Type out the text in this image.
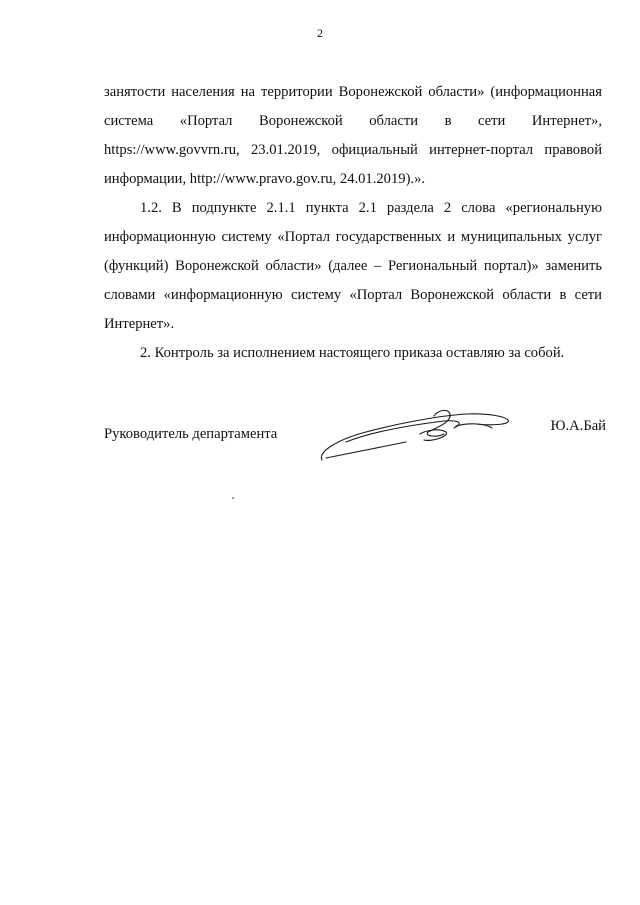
2

занятости населения на территории Воронежской области» (информационная

система «Портал Воронежской области в сети Интернет»,

https://www.govvrn.ru, 23.01.2019, официальный интернет-портал правовой информации, http://www.pravo.gov.ru, 24.01.2019).».

1.2. В подпункте 2.1.1 пункта 2.1 раздела 2 слова «региональную информационную систему «Портал государственных и муниципальных услуг (функций) Воронежской области» (далее – Региональный портал)» заменить словами «информационную систему «Портал Воронежской области в сети Интернет».

2. Контроль за исполнением настоящего приказа оставляю за собой.

Руководитель департамента	Ю.А.Бай
